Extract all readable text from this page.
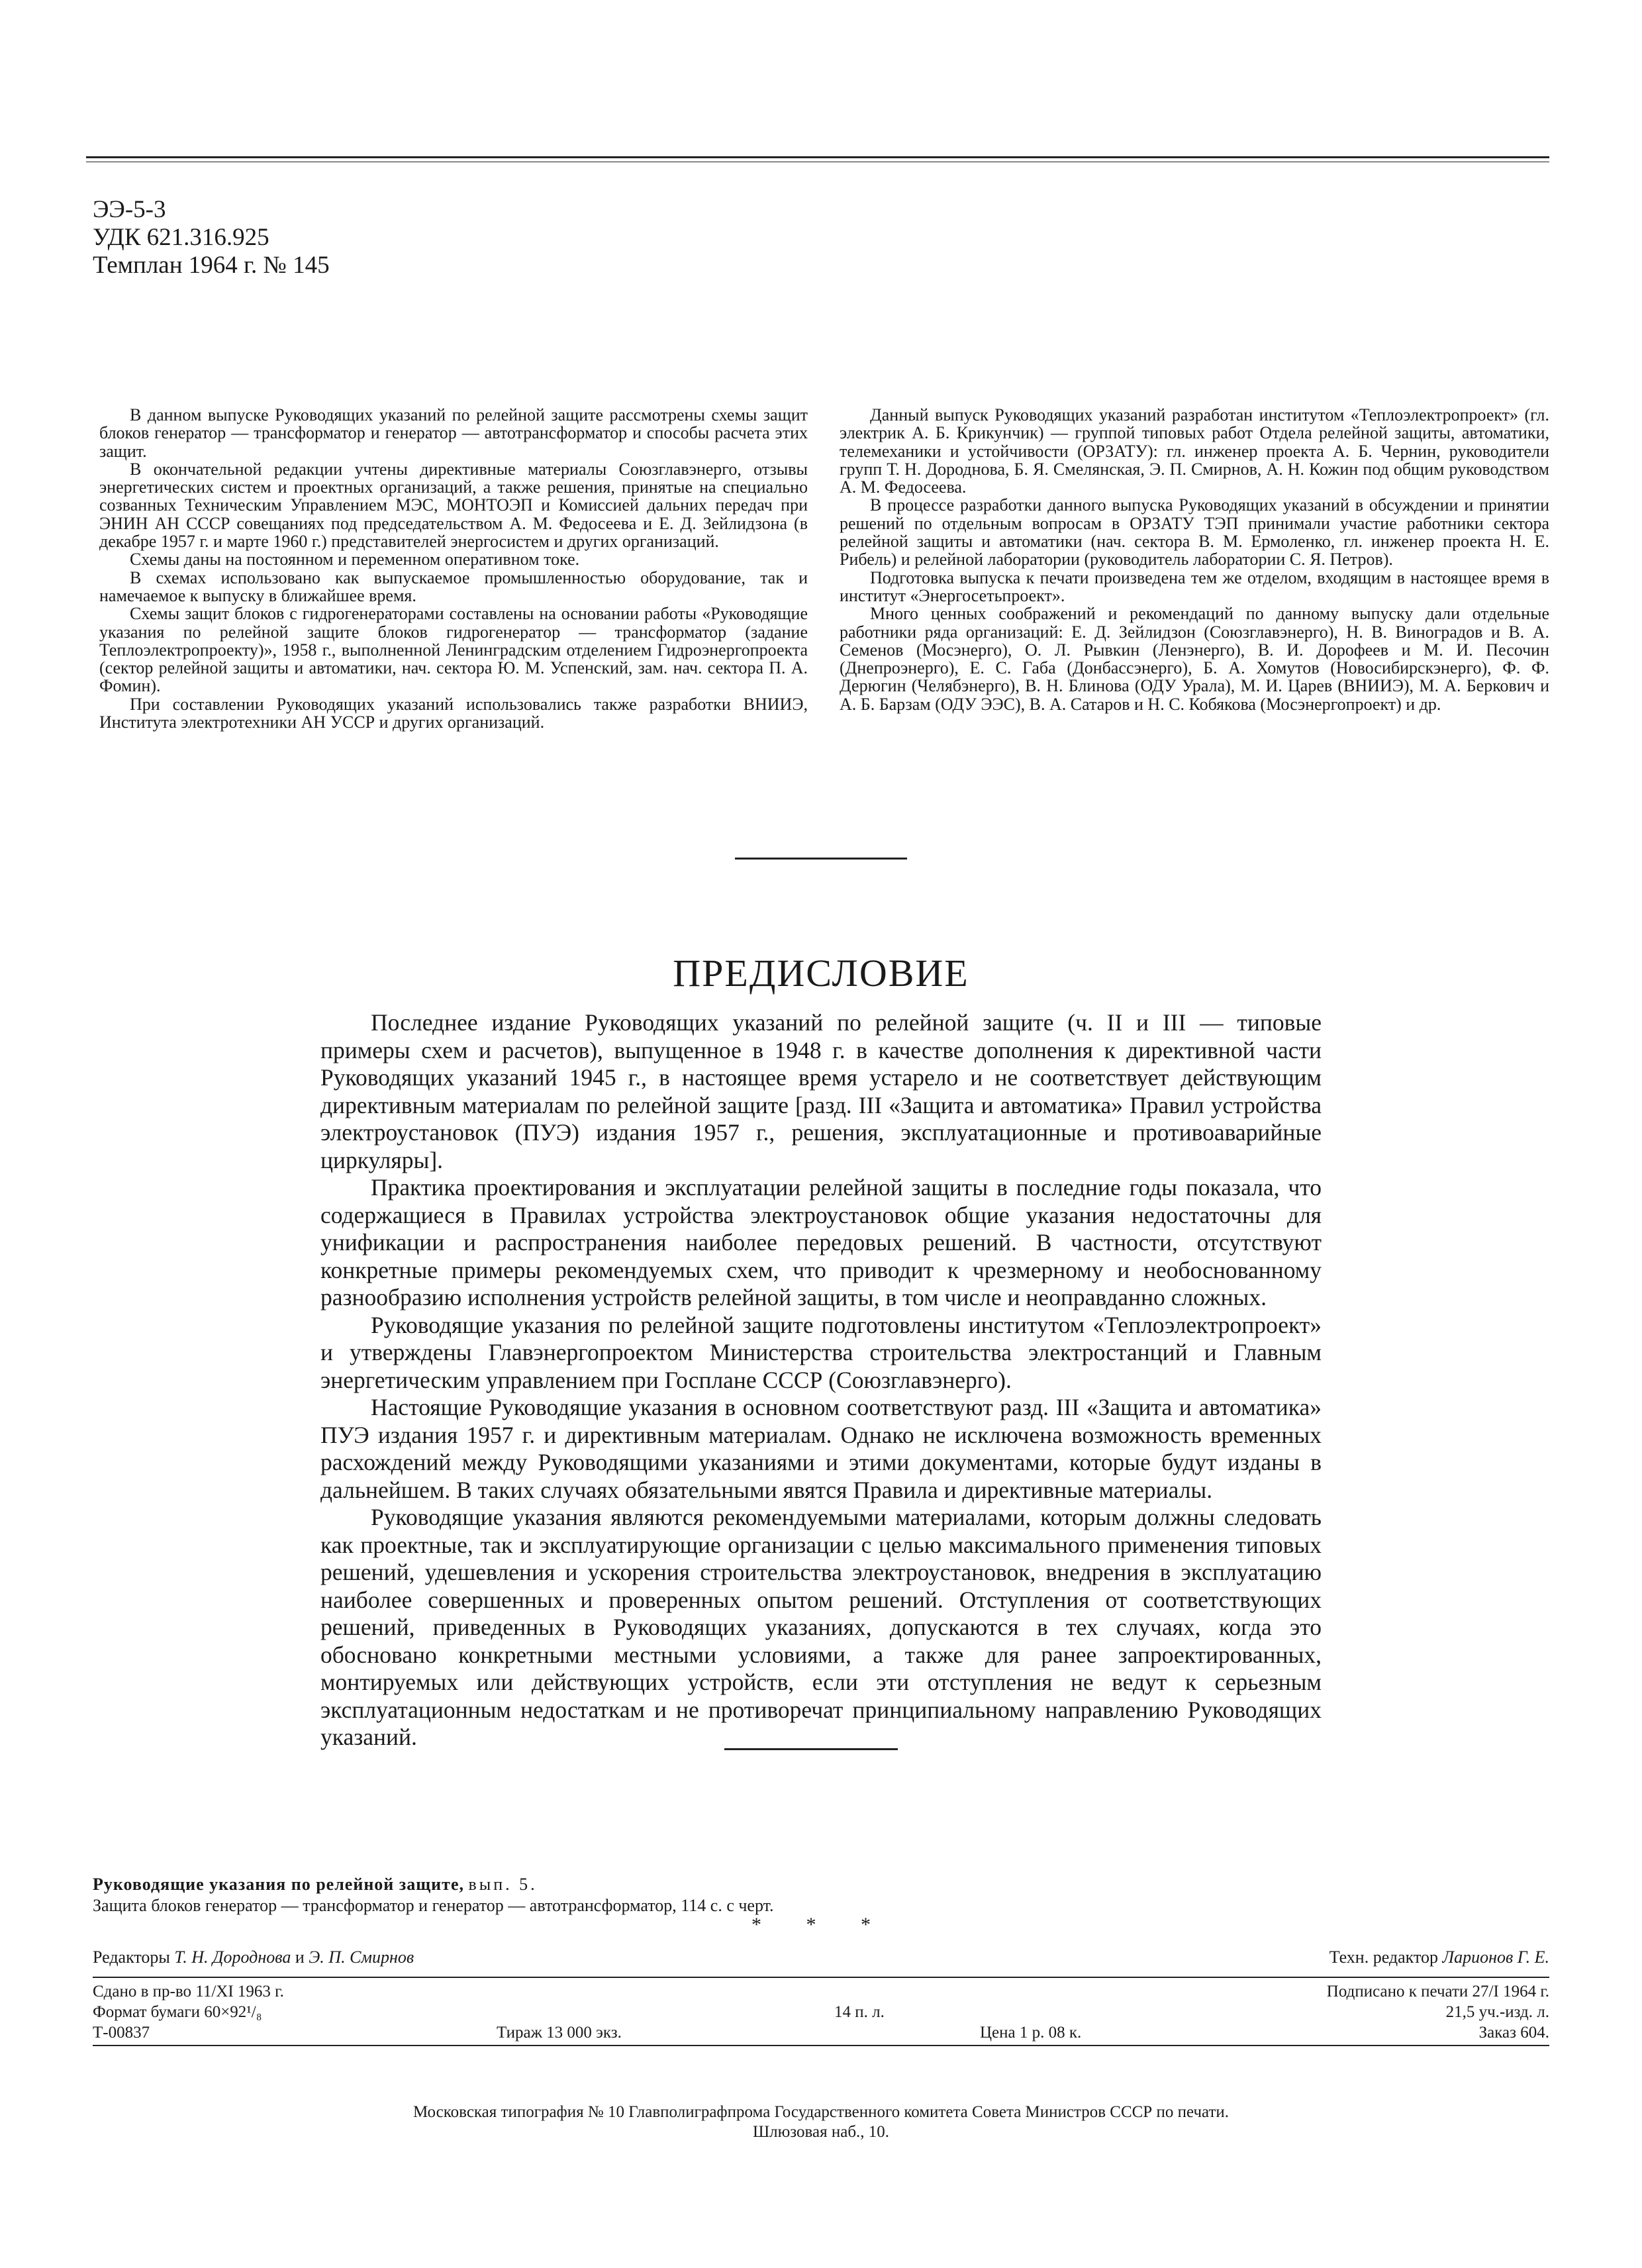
ЭЭ-5-3
УДК 621.316.925
Темплан 1964 г. № 145

В данном выпуске Руководящих указаний по релейной защите рассмотрены схемы защит блоков генератор — трансформатор и генератор — автотрансформатор и способы расчета этих защит.

В окончательной редакции учтены директивные материалы Союзглавэнерго, отзывы энергетических систем и проектных организаций, а также решения, принятые на специально созванных Техническим Управлением МЭС, МОНТОЭП и Комиссией дальних передач при ЭНИН АН СССР совещаниях под председательством А. М. Федосеева и Е. Д. Зейлидзона (в декабре 1957 г. и марте 1960 г.) представителей энергосистем и других организаций.

Схемы даны на постоянном и переменном оперативном токе.

В схемах использовано как выпускаемое промышленностью оборудование, так и намечаемое к выпуску в ближайшее время.

Схемы защит блоков с гидрогенераторами составлены на основании работы «Руководящие указания по релейной защите блоков гидрогенератор — трансформатор (задание Теплоэлектропроекту)», 1958 г., выполненной Ленинградским отделением Гидроэнергопроекта (сектор релейной защиты и автоматики, нач. сектора Ю. М. Успенский, зам. нач. сектора П. А. Фомин).

При составлении Руководящих указаний использовались также разработки ВНИИЭ, Института электротехники АН УССР и других организаций.

Данный выпуск Руководящих указаний разработан институтом «Теплоэлектропроект» (гл. электрик А. Б. Крикунчик) — группой типовых работ Отдела релейной защиты, автоматики, телемеханики и устойчивости (ОРЗАТУ): гл. инженер проекта А. Б. Чернин, руководители групп Т. Н. Дороднова, Б. Я. Смелянская, Э. П. Смирнов, А. Н. Кожин под общим руководством А. М. Федосеева.

В процессе разработки данного выпуска Руководящих указаний в обсуждении и принятии решений по отдельным вопросам в ОРЗАТУ ТЭП принимали участие работники сектора релейной защиты и автоматики (нач. сектора В. М. Ермоленко, гл. инженер проекта Н. Е. Рибель) и релейной лаборатории (руководитель лаборатории С. Я. Петров).

Подготовка выпуска к печати произведена тем же отделом, входящим в настоящее время в институт «Энергосетьпроект».

Много ценных соображений и рекомендаций по данному выпуску дали отдельные работники ряда организаций: Е. Д. Зейлидзон (Союзглавэнерго), Н. В. Виноградов и В. А. Семенов (Мосэнерго), О. Л. Рывкин (Ленэнерго), В. И. Дорофеев и М. И. Песочин (Днепроэнерго), Е. С. Габа (Донбассэнерго), Б. А. Хомутов (Новосибирскэнерго), Ф. Ф. Дерюгин (Челябэнерго), В. Н. Блинова (ОДУ Урала), М. И. Царев (ВНИИЭ), М. А. Беркович и А. Б. Барзам (ОДУ ЭЭС), В. А. Сатаров и Н. С. Кобякова (Мосэнергопроект) и др.

ПРЕДИСЛОВИЕ

Последнее издание Руководящих указаний по релейной защите (ч. II и III — типовые примеры схем и расчетов), выпущенное в 1948 г. в качестве дополнения к директивной части Руководящих указаний 1945 г., в настоящее время устарело и не соответствует действующим директивным материалам по релейной защите [разд. III «Защита и автоматика» Правил устройства электроустановок (ПУЭ) издания 1957 г., решения, эксплуатационные и противоаварийные циркуляры].

Практика проектирования и эксплуатации релейной защиты в последние годы показала, что содержащиеся в Правилах устройства электроустановок общие указания недостаточны для унификации и распространения наиболее передовых решений. В частности, отсутствуют конкретные примеры рекомендуемых схем, что приводит к чрезмерному и необоснованному разнообразию исполнения устройств релейной защиты, в том числе и неоправданно сложных.

Руководящие указания по релейной защите подготовлены институтом «Теплоэлектропроект» и утверждены Главэнергопроектом Министерства строительства электростанций и Главным энергетическим управлением при Госплане СССР (Союзглавэнерго).

Настоящие Руководящие указания в основном соответствуют разд. III «Защита и автоматика» ПУЭ издания 1957 г. и директивным материалам. Однако не исключена возможность временных расхождений между Руководящими указаниями и этими документами, которые будут изданы в дальнейшем. В таких случаях обязательными явятся Правила и директивные материалы.

Руководящие указания являются рекомендуемыми материалами, которым должны следовать как проектные, так и эксплуатирующие организации с целью максимального применения типовых решений, удешевления и ускорения строительства электроустановок, внедрения в эксплуатацию наиболее совершенных и проверенных опытом решений. Отступления от соответствующих решений, приведенных в Руководящих указаниях, допускаются в тех случаях, когда это обосновано конкретными местными условиями, а также для ранее запроектированных, монтируемых или действующих устройств, если эти отступления не ведут к серьезным эксплуатационным недостаткам и не противоречат принципиальному направлению Руководящих указаний.

Руководящие указания по релейной защите, вып. 5.
Защита блоков генератор — трансформатор и генератор — автотрансформатор, 114 с. с черт.
* * *
Редакторы Т. Н. Дороднова и Э. П. Смирнов	Техн. редактор Ларионов Г. Е.
Сдано в пр-во 11/XI 1963 г.	Подписано к печати 27/I 1964 г.
Формат бумаги 60×92¹/₈	14 п. л.	21,5 уч.-изд. л.
Т-00837	Тираж 13 000 экз.	Цена 1 р. 08 к.	Заказ 604.
Московская типография № 10 Главполиграфпрома Государственного комитета Совета Министров СССР по печати.
Шлюзовая наб., 10.
